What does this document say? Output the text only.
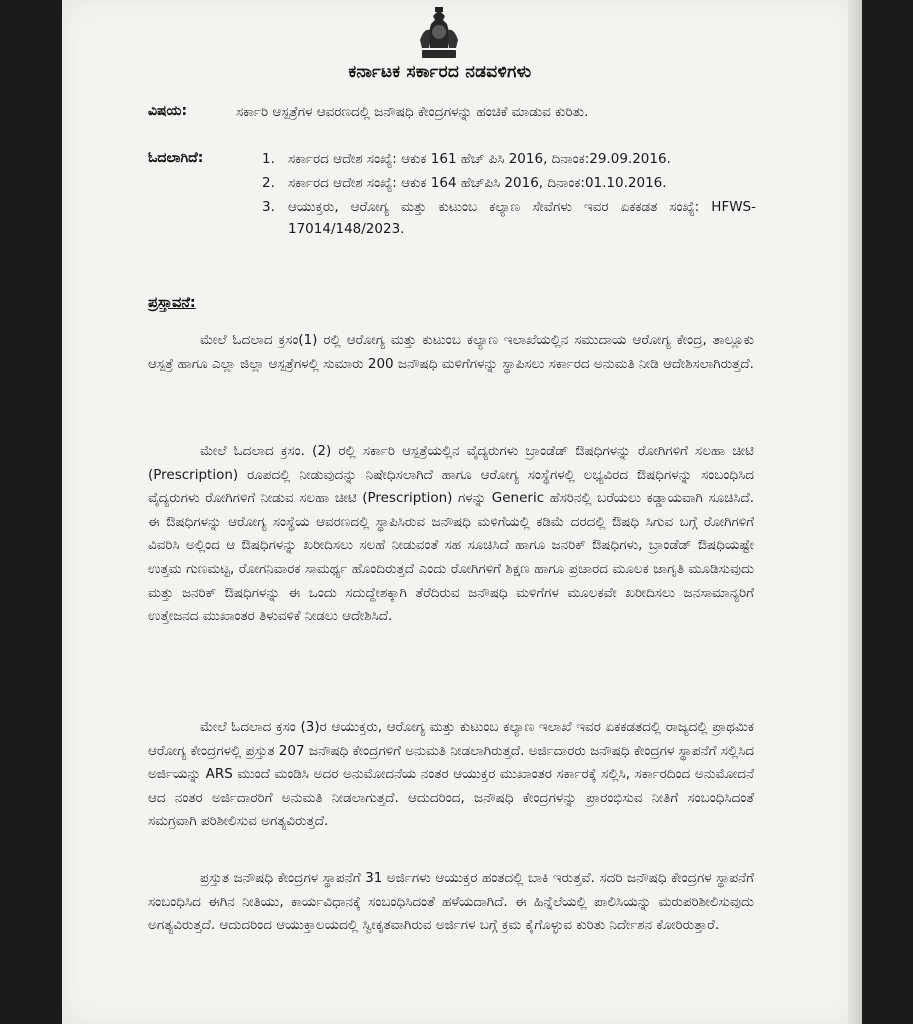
ಕರ್ನಾಟಕ ಸರ್ಕಾರದ ನಡವಳಿಗಳು
ವಿಷಯ:	ಸರ್ಕಾರಿ ಆಸ್ಪತ್ರೆಗಳ ಆವರಣದಲ್ಲಿ ಜನೌಷಧಿ ಕೇಂದ್ರಗಳನ್ನು ಹಂಚಿಕೆ ಮಾಡುವ ಕುರಿತು.
ಓದಲಾಗಿದೆ:	1. ಸರ್ಕಾರದ ಆದೇಶ ಸಂಖ್ಯೆ: ಆಕುಕ 161 ಹೆಚ್ ಪಿಸಿ 2016, ದಿನಾಂಕ:29.09.2016.
2. ಸರ್ಕಾರದ ಆದೇಶ ಸಂಖ್ಯೆ: ಆಕುಕ 164 ಹೆಚ್‌ಪಿಸಿ 2016, ದಿನಾಂಕ:01.10.2016.
3. ಆಯುಕ್ತರು, ಆರೋಗ್ಯ ಮತ್ತು ಕುಟುಂಬ ಕಲ್ಯಾಣ ಸೇವೆಗಳು ಇವರ ಏಕಕಡತ ಸಂಖ್ಯೆ: HFWS-17014/148/2023.
ಪ್ರಸ್ತಾವನೆ:
ಮೇಲೆ ಓದಲಾದ ಕ್ರಸಂ(1) ರಲ್ಲಿ ಆರೋಗ್ಯ ಮತ್ತು ಕುಟುಂಬ ಕಲ್ಯಾಣ ಇಲಾಖೆಯಲ್ಲಿನ ಸಮುದಾಯ ಆರೋಗ್ಯ ಕೇಂದ್ರ, ತಾಲ್ಲೂಕು ಆಸ್ಪತ್ರೆ ಹಾಗೂ ಎಲ್ಲಾ ಜಿಲ್ಲಾ ಆಸ್ಪತ್ರೆಗಳಲ್ಲಿ ಸುಮಾರು 200 ಜನೌಷಧಿ ಮಳಿಗೆಗಳನ್ನು ಸ್ಥಾಪಿಸಲು ಸರ್ಕಾರದ ಅನುಮತಿ ನೀಡಿ ಆದೇಶಿಸಲಾಗಿರುತ್ತದೆ.
ಮೇಲೆ ಓದಲಾದ ಕ್ರಸಂ. (2) ರಲ್ಲಿ ಸರ್ಕಾರಿ ಆಸ್ಪತ್ರೆಯಲ್ಲಿನ ವೈದ್ಯರುಗಳು ಬ್ರಾಂಡೆಡ್ ಔಷಧಿಗಳನ್ನು ರೋಗಿಗಳಿಗೆ ಸಲಹಾ ಚೀಟಿ (Prescription) ರೂಪದಲ್ಲಿ ನೀಡುವುದನ್ನು ನಿಷೇಧಿಸಲಾಗಿದೆ ಹಾಗೂ ಆರೋಗ್ಯ ಸಂಸ್ಥೆಗಳಲ್ಲಿ ಲಭ್ಯವಿರದ ಔಷಧಿಗಳನ್ನು ಸಂಬಂಧಿಸಿದ ವೈದ್ಯರುಗಳು ರೋಗಿಗಳಿಗೆ ನೀಡುವ ಸಲಹಾ ಚೀಟಿ (Prescription) ಗಳನ್ನು Generic ಹೆಸರಿನಲ್ಲಿ ಬರೆಯಲು ಕಡ್ಡಾಯವಾಗಿ ಸೂಚಿಸಿದೆ. ಈ ಔಷಧಿಗಳನ್ನು ಆರೋಗ್ಯ ಸಂಸ್ಥೆಯ ಆವರಣದಲ್ಲಿ ಸ್ಥಾಪಿಸಿರುವ ಜನೌಷಧಿ ಮಳಿಗೆಯಲ್ಲಿ ಕಡಿಮೆ ದರದಲ್ಲಿ ಔಷಧಿ ಸಿಗುವ ಬಗ್ಗೆ ರೋಗಿಗಳಿಗೆ ವಿವರಿಸಿ ಅಲ್ಲಿಂದ ಆ ಔಷಧಿಗಳನ್ನು ಖರೀದಿಸಲು ಸಲಹೆ ನೀಡುವಂತೆ ಸಹ ಸೂಚಿಸಿದೆ ಹಾಗೂ ಜನರಿಕ್ ಔಷಧಿಗಳು, ಬ್ರಾಂಡೆಡ್ ಔಷಧಿಯಷ್ಟೇ ಉತ್ತಮ ಗುಣಮಟ್ಟ, ರೋಗನಿವಾರಕ ಸಾಮರ್ಥ್ಯ ಹೊಂದಿರುತ್ತದೆ ಎಂದು ರೋಗಿಗಳಿಗೆ ಶಿಕ್ಷಣ ಹಾಗೂ ಪ್ರಚಾರದ ಮೂಲಕ ಜಾಗೃತಿ ಮೂಡಿಸುವುದು ಮತ್ತು ಜನರಿಕ್ ಔಷಧಿಗಳನ್ನು ಈ ಒಂದು ಸದುದ್ದೇಶಕ್ಕಾಗಿ ತೆರೆದಿರುವ ಜನೌಷಧಿ ಮಳಿಗೆಗಳ ಮೂಲಕವೇ ಖರೀದಿಸಲು ಜನಸಾಮಾನ್ಯರಿಗೆ ಉತ್ತೇಜನದ ಮುಖಾಂತರ ತಿಳುವಳಿಕೆ ನೀಡಲು ಆದೇಶಿಸಿದೆ.
ಮೇಲೆ ಓದಲಾದ ಕ್ರಸಂ (3)ರ ಆಯುಕ್ತರು, ಆರೋಗ್ಯ ಮತ್ತು ಕುಟುಂಬ ಕಲ್ಯಾಣ ಇಲಾಖೆ ಇವರ ಏಕಕಡತದಲ್ಲಿ ರಾಜ್ಯದಲ್ಲಿ ಪ್ರಾಥಮಿಕ ಆರೋಗ್ಯ ಕೇಂದ್ರಗಳಲ್ಲಿ ಪ್ರಸ್ತುತ 207 ಜನೌಷಧಿ ಕೇಂದ್ರಗಳಿಗೆ ಅನುಮತಿ ನೀಡಲಾಗಿರುತ್ತದೆ. ಅರ್ಜಿದಾರರು ಜನೌಷಧಿ ಕೇಂದ್ರಗಳ ಸ್ಥಾಪನೆಗೆ ಸಲ್ಲಿಸಿದ ಅರ್ಜಿಯನ್ನು ARS ಮುಂದೆ ಮಂಡಿಸಿ ಅದರ ಅನುಮೋದನೆಯ ನಂತರ ಆಯುಕ್ತರ ಮುಖಾಂತರ ಸರ್ಕಾರಕ್ಕೆ ಸಲ್ಲಿಸಿ, ಸರ್ಕಾರದಿಂದ ಅನುಮೋದನೆ ಆದ ನಂತರ ಅರ್ಜಿದಾರರಿಗೆ ಅನುಮತಿ ನೀಡಲಾಗುತ್ತದೆ. ಆದುದರಿಂದ, ಜನೌಷಧಿ ಕೇಂದ್ರಗಳನ್ನು ಪ್ರಾರಂಭಿಸುವ ನೀತಿಗೆ ಸಂಬಂಧಿಸಿದಂತೆ ಸಮಗ್ರವಾಗಿ ಪರಿಶೀಲಿಸುವ ಅಗತ್ಯವಿರುತ್ತದೆ.
ಪ್ರಸ್ತುತ ಜನೌಷಧಿ ಕೇಂದ್ರಗಳ ಸ್ಥಾಪನೆಗೆ 31 ಅರ್ಜಿಗಳು ಆಯುಕ್ತರ ಹಂತದಲ್ಲಿ ಬಾಕಿ ಇರುತ್ತವೆ. ಸದರಿ ಜನೌಷಧಿ ಕೇಂದ್ರಗಳ ಸ್ಥಾಪನೆಗೆ ಸಂಬಂಧಿಸಿದ ಈಗಿನ ನೀತಿಯು, ಕಾರ್ಯವಿಧಾನಕ್ಕೆ ಸಂಬಂಧಿಸಿದಂತೆ ಹಳೆಯದಾಗಿದೆ. ಈ ಹಿನ್ನೆಲೆಯಲ್ಲಿ ಪಾಲಿಸಿಯನ್ನು ಮರುಪರಿಶೀಲಿಸುವುದು ಅಗತ್ಯವಿರುತ್ತದೆ. ಆದುದರಿಂದ ಆಯುಕ್ತಾಲಯದಲ್ಲಿ ಸ್ವೀಕೃತವಾಗಿರುವ ಅರ್ಜಿಗಳ ಬಗ್ಗೆ ಕ್ರಮ ಕೈಗೊಳ್ಳುವ ಕುರಿತು ನಿರ್ದೇಶನ ಕೋರಿರುತ್ತಾರೆ.
